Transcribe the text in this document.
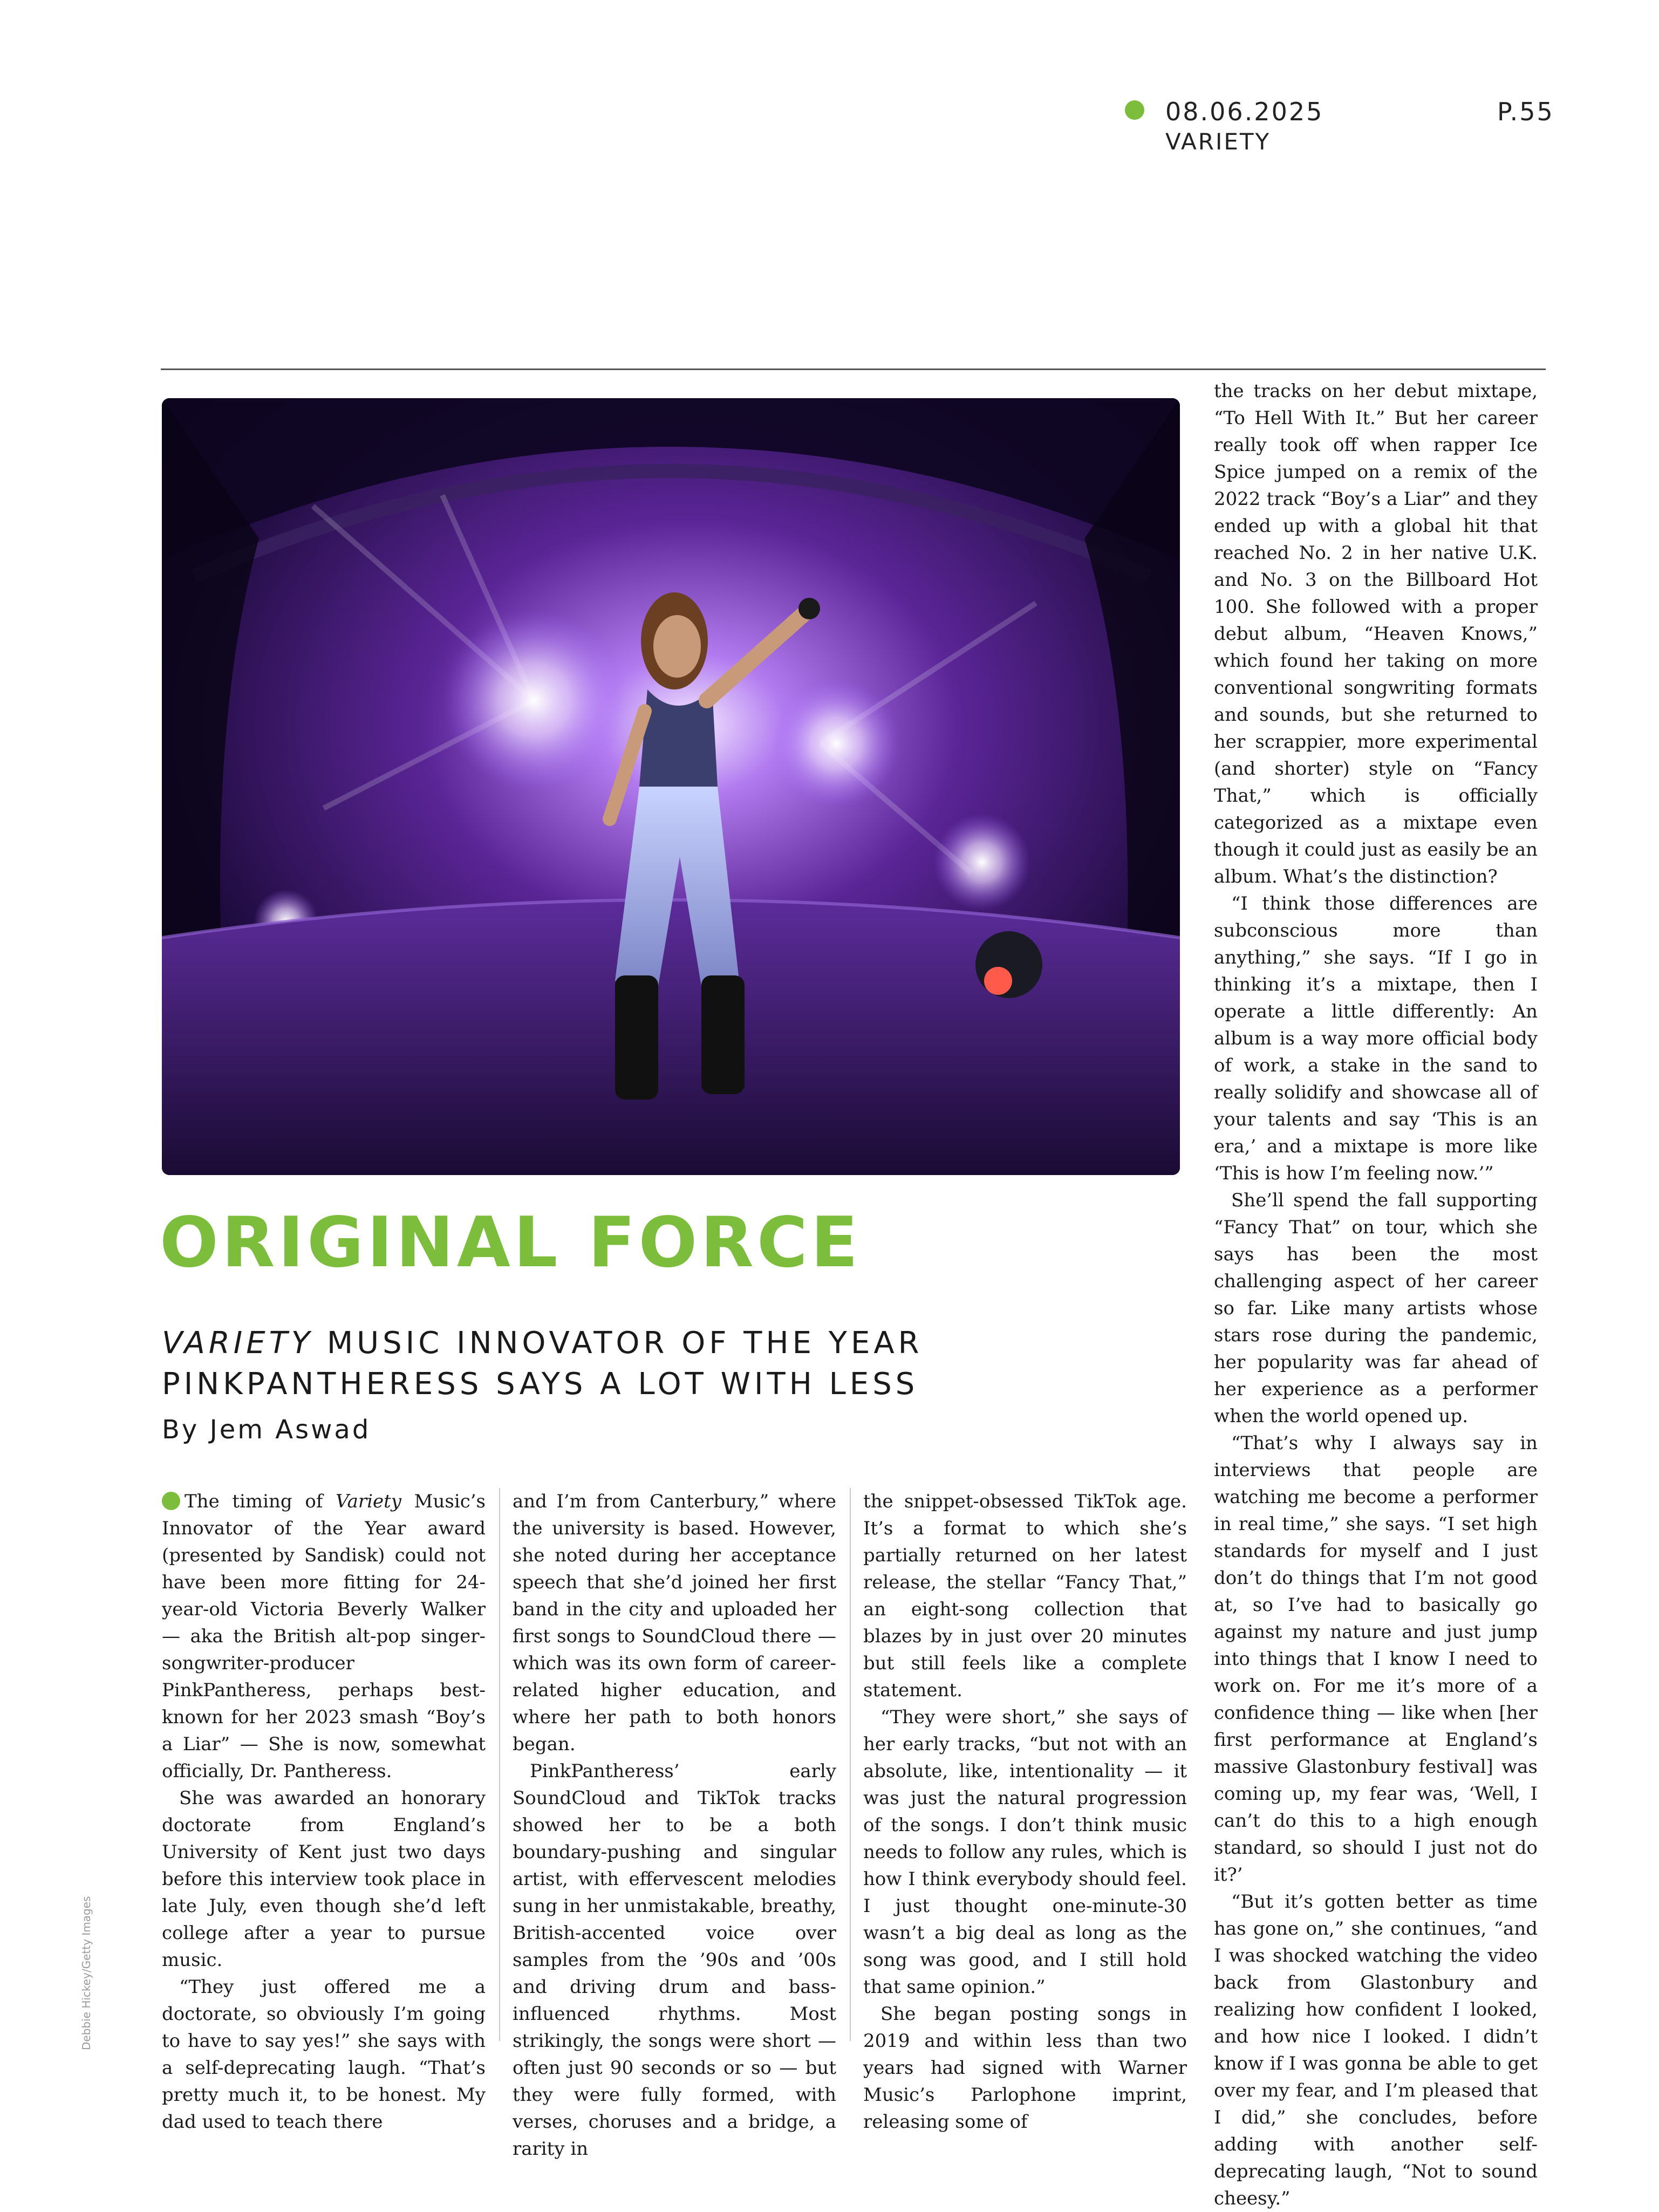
08.06.2025
VARIETY
P.55
Debbie Hickey/Getty Images
ORIGINAL FORCE
VARIETY MUSIC INNOVATOR OF THE YEAR PINKPANTHERESS SAYS A LOT WITH LESS
By Jem Aswad

The timing of Variety Music’s Innovator of the Year award (presented by Sandisk) could not have been more fitting for 24-year-old Victoria Beverly Walker — aka the British alt-pop singer-songwriter-producer PinkPantheress, perhaps best-known for her 2023 smash “Boy’s a Liar” — She is now, somewhat officially, Dr. Pantheress.

She was awarded an honorary doctorate from England’s University of Kent just two days before this interview took place in late July, even though she’d left college after a year to pursue music.

“They just offered me a doctorate, so obviously I’m going to have to say yes!” she says with a self-deprecating laugh. “That’s pretty much it, to be honest. My dad used to teach there

and I’m from Canterbury,” where the university is based. However, she noted during her acceptance speech that she’d joined her first band in the city and uploaded her first songs to SoundCloud there — which was its own form of career-related higher education, and where her path to both honors began.

PinkPantheress’ early SoundCloud and TikTok tracks showed her to be a both boundary-pushing and singular artist, with effervescent melodies sung in her unmistakable, breathy, British-accented voice over samples from the ’90s and ’00s and driving drum and bass-influenced rhythms. Most strikingly, the songs were short — often just 90 seconds or so — but they were fully formed, with verses, choruses and a bridge, a rarity in

the snippet-obsessed TikTok age. It’s a format to which she’s partially returned on her latest release, the stellar “Fancy That,” an eight-song collection that blazes by in just over 20 minutes but still feels like a complete statement.

“They were short,” she says of her early tracks, “but not with an absolute, like, intentionality — it was just the natural progression of the songs. I don’t think music needs to follow any rules, which is how I think everybody should feel. I just thought one-minute-30 wasn’t a big deal as long as the song was good, and I still hold that same opinion.”

She began posting songs in 2019 and within less than two years had signed with Warner Music’s Parlophone imprint, releasing some of

the tracks on her debut mixtape, “To Hell With It.” But her career really took off when rapper Ice Spice jumped on a remix of the 2022 track “Boy’s a Liar” and they ended up with a global hit that reached No. 2 in her native U.K. and No. 3 on the Billboard Hot 100. She followed with a proper debut album, “Heaven Knows,” which found her taking on more conventional songwriting formats and sounds, but she returned to her scrappier, more experimental (and shorter) style on “Fancy That,” which is officially categorized as a mixtape even though it could just as easily be an album. What’s the distinction?

“I think those differences are subconscious more than anything,” she says. “If I go in thinking it’s a mixtape, then I operate a little differently: An album is a way more official body of work, a stake in the sand to really solidify and showcase all of your talents and say ‘This is an era,’ and a mixtape is more like ‘This is how I’m feeling now.’”

She’ll spend the fall supporting “Fancy That” on tour, which she says has been the most challenging aspect of her career so far. Like many artists whose stars rose during the pandemic, her popularity was far ahead of her experience as a performer when the world opened up.

“That’s why I always say in interviews that people are watching me become a performer in real time,” she says. “I set high standards for myself and I just don’t do things that I’m not good at, so I’ve had to basically go against my nature and just jump into things that I know I need to work on. For me it’s more of a confidence thing — like when [her first performance at England’s massive Glastonbury festival] was coming up, my fear was, ‘Well, I can’t do this to a high enough standard, so should I just not do it?’

“But it’s gotten better as time has gone on,” she continues, “and I was shocked watching the video back from Glastonbury and realizing how confident I looked, and how nice I looked. I didn’t know if I was gonna be able to get over my fear, and I’m pleased that I did,” she concludes, before adding with another self-deprecating laugh, “Not to sound cheesy.”
